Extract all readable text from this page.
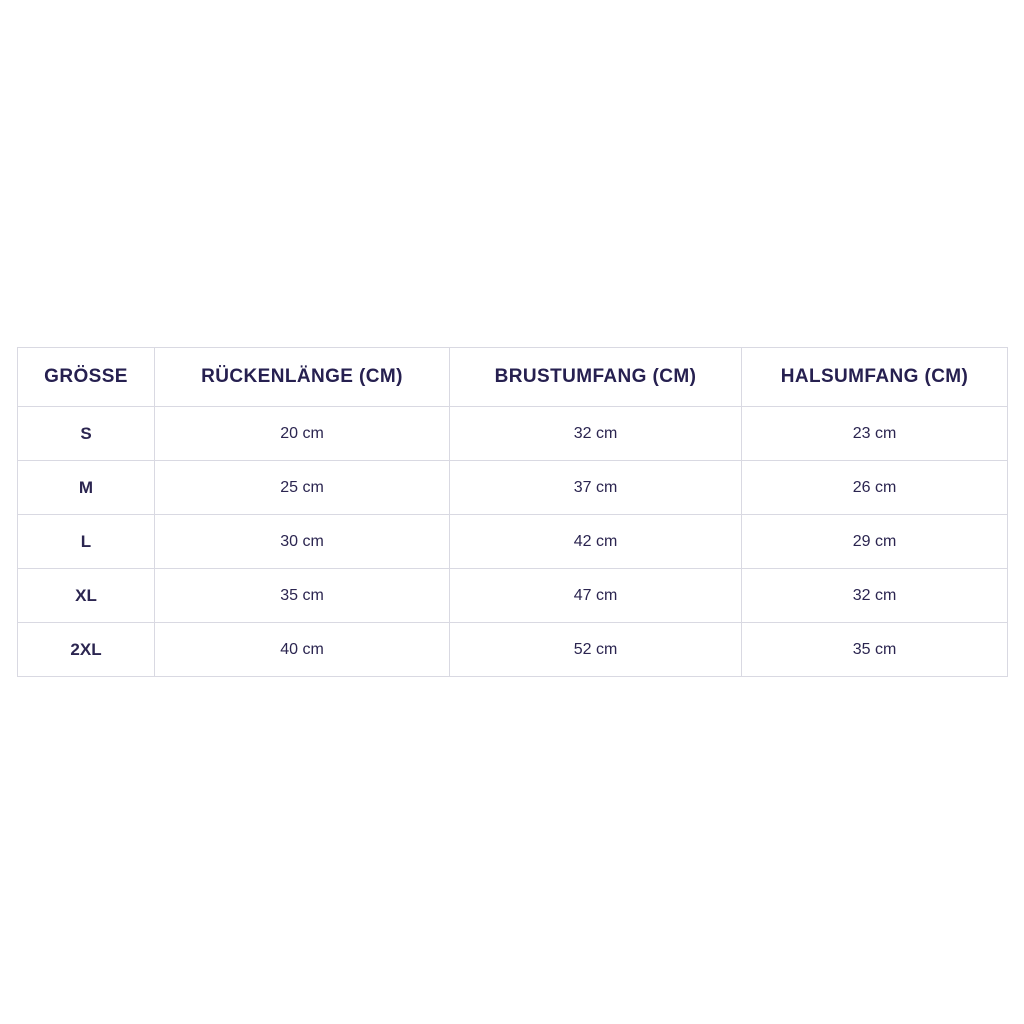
GRÖSSE	RÜCKENLÄNGE (CM)	BRUSTUMFANG (CM)	HALSUMFANG (CM)
S	20 cm	32 cm	23 cm
M	25 cm	37 cm	26 cm
L	30 cm	42 cm	29 cm
XL	35 cm	47 cm	32 cm
2XL	40 cm	52 cm	35 cm
